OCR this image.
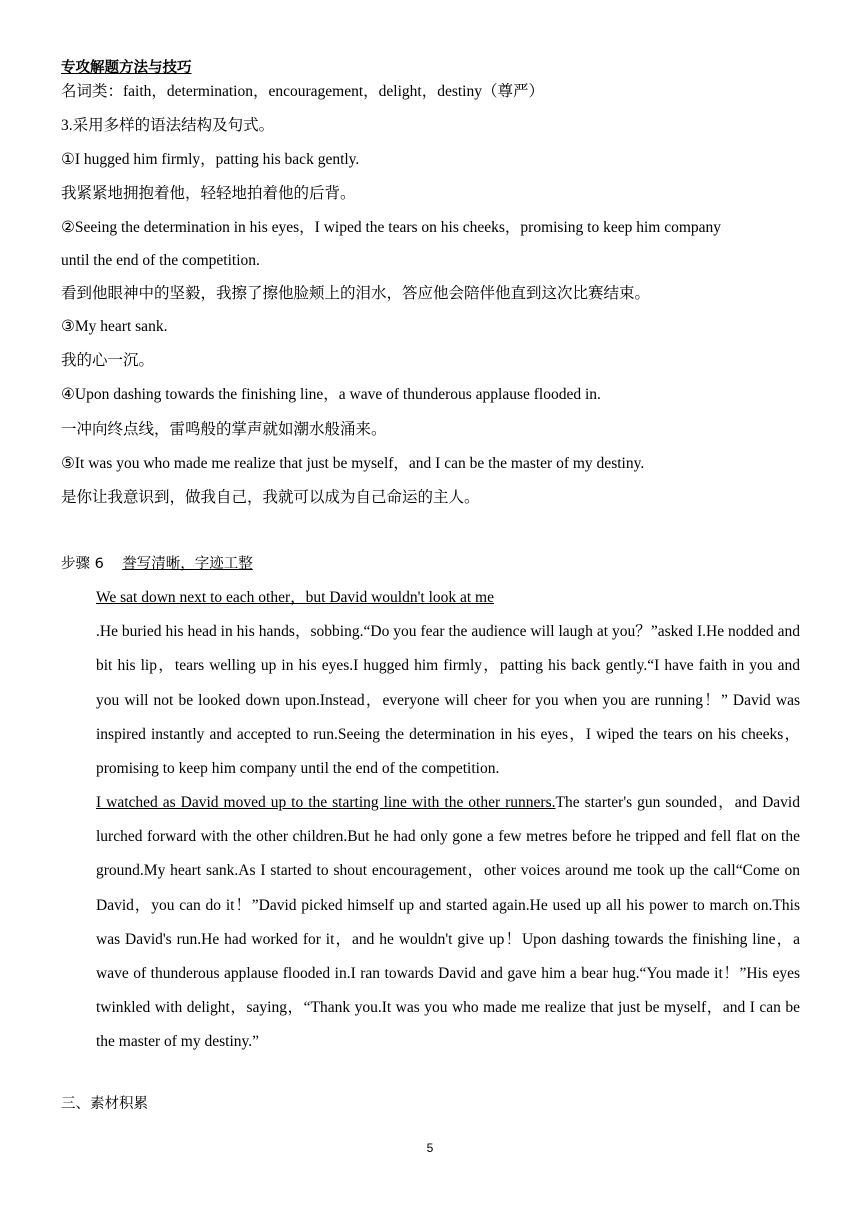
专攻解题方法与技巧
名词类：faith，determination，encouragement，delight，destiny（尊严）
3.采用多样的语法结构及句式。
①I hugged him firmly，patting his back gently.
我紧紧地拥抱着他，轻轻地拍着他的后背。
②Seeing the determination in his eyes，I wiped the tears on his cheeks，promising to keep him company
until the end of the competition.
看到他眼神中的坚毅，我擦了擦他脸颊上的泪水，答应他会陪伴他直到这次比赛结束。
③My heart sank.
我的心一沉。
④Upon dashing towards the finishing line，a wave of thunderous applause flooded in.
一冲向终点线，雷鸣般的掌声就如潮水般涌来。
⑤It was you who made me realize that just be myself，and I can be the master of my destiny.
是你让我意识到，做我自己，我就可以成为自己命运的主人。
步骤 6 誊写清晰，字迹工整
We sat down next to each other，but David wouldn't look at me
.He buried his head in his hands，sobbing.“Do you fear the audience will laugh at you？”asked I.He nodded and bit his lip，tears welling up in his eyes.I hugged him firmly，patting his back gently.“I have faith in you and you will not be looked down upon.Instead，everyone will cheer for you when you are running！” David was inspired instantly and accepted to run.Seeing the determination in his eyes，I wiped the tears on his cheeks，promising to keep him company until the end of the competition.
I watched as David moved up to the starting line with the other runners.The starter's gun sounded，and David lurched forward with the other children.But he had only gone a few metres before he tripped and fell flat on the ground.My heart sank.As I started to shout encouragement，other voices around me took up the call“Come on David，you can do it！”David picked himself up and started again.He used up all his power to march on.This was David's run.He had worked for it，and he wouldn't give up！Upon dashing towards the finishing line，a wave of thunderous applause flooded in.I ran towards David and gave him a bear hug.“You made it！”His eyes twinkled with delight，saying，“Thank you.It was you who made me realize that just be myself，and I can be the master of my destiny.”
三、素材积累
5
